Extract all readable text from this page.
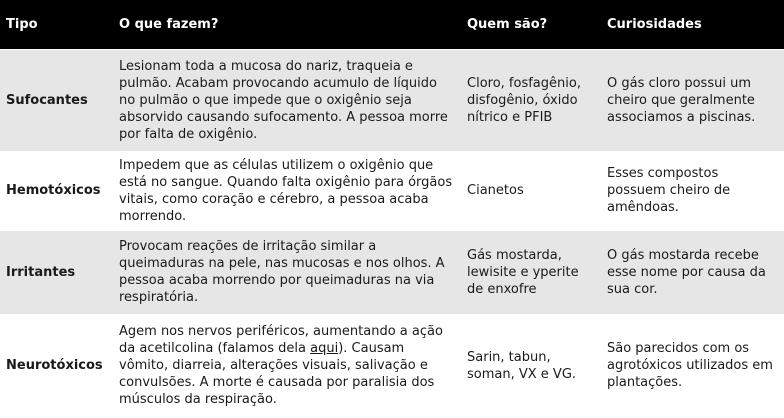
Tipo	O que fazem?	Quem são?	Curiosidades
Sufocantes	Lesionam toda a mucosa do nariz, traqueia e pulmão. Acabam provocando acumulo de líquido no pulmão o que impede que o oxigênio seja absorvido causando sufocamento. A pessoa morre por falta de oxigênio.	Cloro, fosfagênio, disfogênio, óxido nítrico e PFIB	O gás cloro possui um cheiro que geralmente associamos a piscinas.
Hemotóxicos	Impedem que as células utilizem o oxigênio que está no sangue. Quando falta oxigênio para órgãos vitais, como coração e cérebro, a pessoa acaba morrendo.	Cianetos	Esses compostos possuem cheiro de amêndoas.
Irritantes	Provocam reações de irritação similar a queimaduras na pele, nas mucosas e nos olhos. A pessoa acaba morrendo por queimaduras na via respiratória.	Gás mostarda, lewisite e yperite de enxofre	O gás mostarda recebe esse nome por causa da sua cor.
Neurotóxicos	Agem nos nervos periféricos, aumentando a ação da acetilcolina (falamos dela aqui). Causam vômito, diarreia, alterações visuais, salivação e convulsões. A morte é causada por paralisia dos músculos da respiração.	Sarin, tabun, soman, VX e VG.	São parecidos com os agrotóxicos utilizados em plantações.
